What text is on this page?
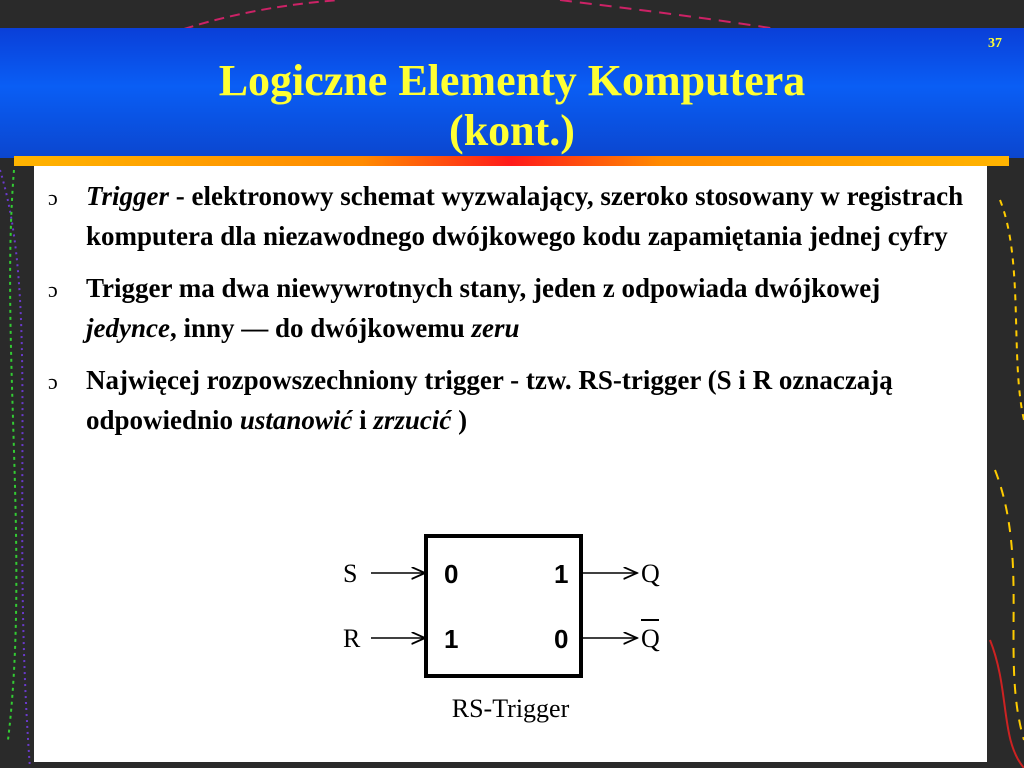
37
Logiczne Elementy Komputera
(kont.)
ɔ Trigger - elektronowy schemat wyzwalający, szeroko stosowany w registrach komputera dla niezawodnego dwójkowego kodu zapamiętania jednej cyfry
ɔ Trigger ma dwa niewywrotnych stany, jeden z odpowiada dwójkowej jedynce, inny — do dwójkowemu zeru
ɔ Najwięcej rozpowszechniony trigger - tzw. RS-trigger (S i R oznaczają odpowiednio ustanowić i zrzucić )
S
R
0	1
1	0
Q
Q
RS-Trigger
